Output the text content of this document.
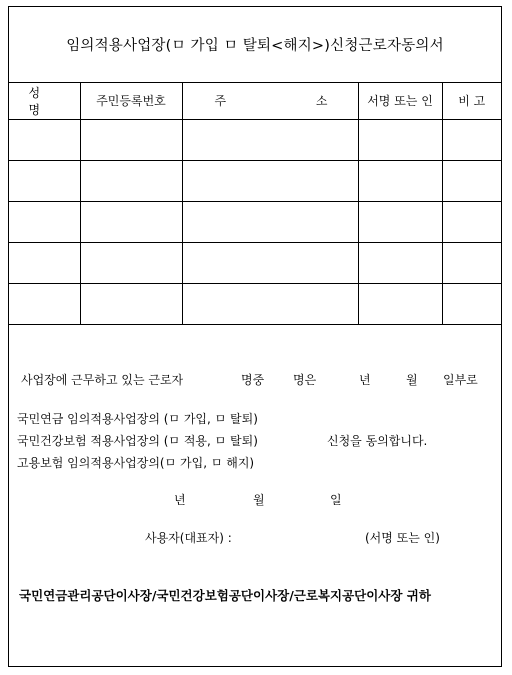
임의적용사업장(ㅁ 가입 ㅁ 탈퇴<해지>)신청근로자동의서
성 명	주민등록번호	주 소	서명 또는 인	비 고

사업장에 근무하고 있는 근로자	명중 명은	년	월 일부로
국민연금 임의적용사업장의 (ㅁ 가입, ㅁ 탈퇴)
국민건강보험 적용사업장의 (ㅁ 적용, ㅁ 탈퇴)	신청을 동의합니다.
고용보험 임의적용사업장의(ㅁ 가입, ㅁ 해지)
년	월	일
사용자(대표자) :	(서명 또는 인)
국민연금관리공단이사장/국민건강보험공단이사장/근로복지공단이사장 귀하
